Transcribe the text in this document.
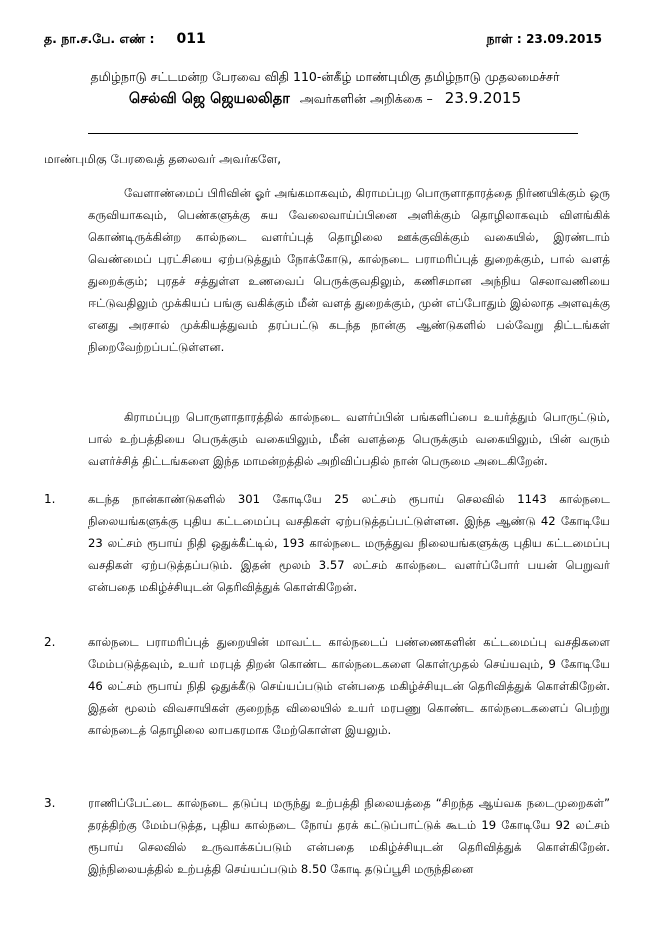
த. நா.ச.பே. எண் : 011	நாள் : 23.09.2015
தமிழ்நாடு சட்டமன்ற பேரவை விதி 110-ன்கீழ் மாண்புமிகு தமிழ்நாடு முதலமைச்சர்
செல்வி ஜெ ஜெயலலிதா அவர்களின் அறிக்கை – 23.9.2015
மாண்புமிகு பேரவைத் தலைவர் அவர்களே,
வேளாண்மைப் பிரிவின் ஓர் அங்கமாகவும், கிராமப்புற பொருளாதாரத்தை நிர்ணயிக்கும் ஒரு கருவியாகவும், பெண்களுக்கு சுய வேலைவாய்ப்பினை அளிக்கும் தொழிலாகவும் விளங்கிக் கொண்டிருக்கின்ற கால்நடை வளர்ப்புத் தொழிலை ஊக்குவிக்கும் வகையில், இரண்டாம் வெண்மைப் புரட்சியை ஏற்படுத்தும் நோக்கோடு, கால்நடை பராமரிப்புத் துறைக்கும், பால் வளத் துறைக்கும்; புரதச் சத்துள்ள உணவைப் பெருக்குவதிலும், கணிசமான அந்நிய செலாவணியை ஈட்டுவதிலும் முக்கியப் பங்கு வகிக்கும் மீன் வளத் துறைக்கும், முன் எப்போதும் இல்லாத அளவுக்கு எனது அரசால் முக்கியத்துவம் தரப்பட்டு கடந்த நான்கு ஆண்டுகளில் பல்வேறு திட்டங்கள் நிறைவேற்றப்பட்டுள்ளன.
கிராமப்புற பொருளாதாரத்தில் கால்நடை வளர்ப்பின் பங்களிப்பை உயர்த்தும் பொருட்டும், பால் உற்பத்தியை பெருக்கும் வகையிலும், மீன் வளத்தை பெருக்கும் வகையிலும், பின் வரும் வளர்ச்சித் திட்டங்களை இந்த மாமன்றத்தில் அறிவிப்பதில் நான் பெருமை அடைகிறேன்.
1.	கடந்த நான்காண்டுகளில் 301 கோடியே 25 லட்சம் ரூபாய் செலவில் 1143 கால்நடை நிலையங்களுக்கு புதிய கட்டமைப்பு வசதிகள் ஏற்படுத்தப்பட்டுள்ளன. இந்த ஆண்டு 42 கோடியே 23 லட்சம் ரூபாய் நிதி ஒதுக்கீட்டில், 193 கால்நடை மருத்துவ நிலையங்களுக்கு புதிய கட்டமைப்பு வசதிகள் ஏற்படுத்தப்படும். இதன் மூலம் 3.57 லட்சம் கால்நடை வளர்ப்போர் பயன் பெறுவர் என்பதை மகிழ்ச்சியுடன் தெரிவித்துக் கொள்கிறேன்.
2.	கால்நடை பராமரிப்புத் துறையின் மாவட்ட கால்நடைப் பண்ணைகளின் கட்டமைப்பு வசதிகளை மேம்படுத்தவும், உயர் மரபுத் திறன் கொண்ட கால்நடைகளை கொள்முதல் செய்யவும், 9 கோடியே 46 லட்சம் ரூபாய் நிதி ஒதுக்கீடு செய்யப்படும் என்பதை மகிழ்ச்சியுடன் தெரிவித்துக் கொள்கிறேன். இதன் மூலம் விவசாயிகள் குறைந்த விலையில் உயர் மரபணு கொண்ட கால்நடைகளைப் பெற்று கால்நடைத் தொழிலை லாபகரமாக மேற்கொள்ள இயலும்.
3.	ராணிப்பேட்டை கால்நடை தடுப்பு மருந்து உற்பத்தி நிலையத்தை “சிறந்த ஆய்வக நடைமுறைகள்” தரத்திற்கு மேம்படுத்த, புதிய கால்நடை நோய் தரக் கட்டுப்பாட்டுக் கூடம் 19 கோடியே 92 லட்சம் ரூபாய் செலவில் உருவாக்கப்படும் என்பதை மகிழ்ச்சியுடன் தெரிவித்துக் கொள்கிறேன். இந்நிலையத்தில் உற்பத்தி செய்யப்படும் 8.50 கோடி தடுப்பூசி மருந்தினை
